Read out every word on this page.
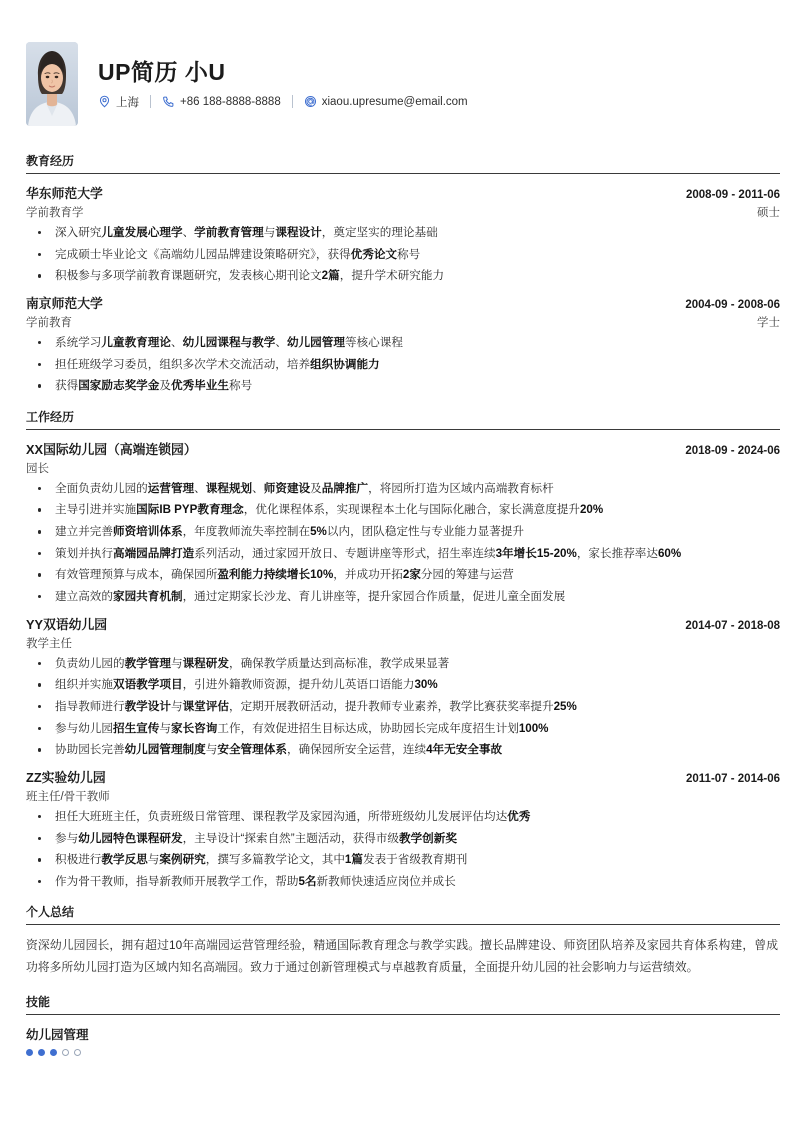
UP简历 小U
上海	+86 188-8888-8888	xiaou.upresume@email.com
教育经历
华东师范大学	2008-09 - 2011-06
学前教育学	硕士
深入研究儿童发展心理学、学前教育管理与课程设计，奠定坚实的理论基础
完成硕士毕业论文《高端幼儿园品牌建设策略研究》，获得优秀论文称号
积极参与多项学前教育课题研究，发表核心期刊论文2篇，提升学术研究能力
南京师范大学	2004-09 - 2008-06
学前教育	学士
系统学习儿童教育理论、幼儿园课程与教学、幼儿园管理等核心课程
担任班级学习委员，组织多次学术交流活动，培养组织协调能力
获得国家励志奖学金及优秀毕业生称号
工作经历
XX国际幼儿园（高端连锁园）	2018-09 - 2024-06
园长
全面负责幼儿园的运营管理、课程规划、师资建设及品牌推广，将园所打造为区域内高端教育标杆
主导引进并实施国际IB PYP教育理念，优化课程体系，实现课程本土化与国际化融合，家长满意度提升20%
建立并完善师资培训体系，年度教师流失率控制在5%以内，团队稳定性与专业能力显著提升
策划并执行高端园品牌打造系列活动，通过家园开放日、专题讲座等形式，招生率连续3年增长15-20%，家长推荐率达60%
有效管理预算与成本，确保园所盈利能力持续增长10%，并成功开拓2家分园的筹建与运营
建立高效的家园共育机制，通过定期家长沙龙、育儿讲座等，提升家园合作质量，促进儿童全面发展
YY双语幼儿园	2014-07 - 2018-08
教学主任
负责幼儿园的教学管理与课程研发，确保教学质量达到高标准，教学成果显著
组织并实施双语教学项目，引进外籍教师资源，提升幼儿英语口语能力30%
指导教师进行教学设计与课堂评估，定期开展教研活动，提升教师专业素养，教学比赛获奖率提升25%
参与幼儿园招生宣传与家长咨询工作，有效促进招生目标达成，协助园长完成年度招生计划100%
协助园长完善幼儿园管理制度与安全管理体系，确保园所安全运营，连续4年无安全事故
ZZ实验幼儿园	2011-07 - 2014-06
班主任/骨干教师
担任大班班主任，负责班级日常管理、课程教学及家园沟通，所带班级幼儿发展评估均达优秀
参与幼儿园特色课程研发，主导设计“探索自然”主题活动，获得市级教学创新奖
积极进行教学反思与案例研究，撰写多篇教学论文，其中1篇发表于省级教育期刊
作为骨干教师，指导新教师开展教学工作，帮助5名新教师快速适应岗位并成长
个人总结
资深幼儿园园长，拥有超过10年高端园运营管理经验，精通国际教育理念与教学实践。擅长品牌建设、师资团队培养及家园共育体系构建，曾成功将多所幼儿园打造为区域内知名高端园。致力于通过创新管理模式与卓越教育质量，全面提升幼儿园的社会影响力与运营绩效。
技能
幼儿园管理
